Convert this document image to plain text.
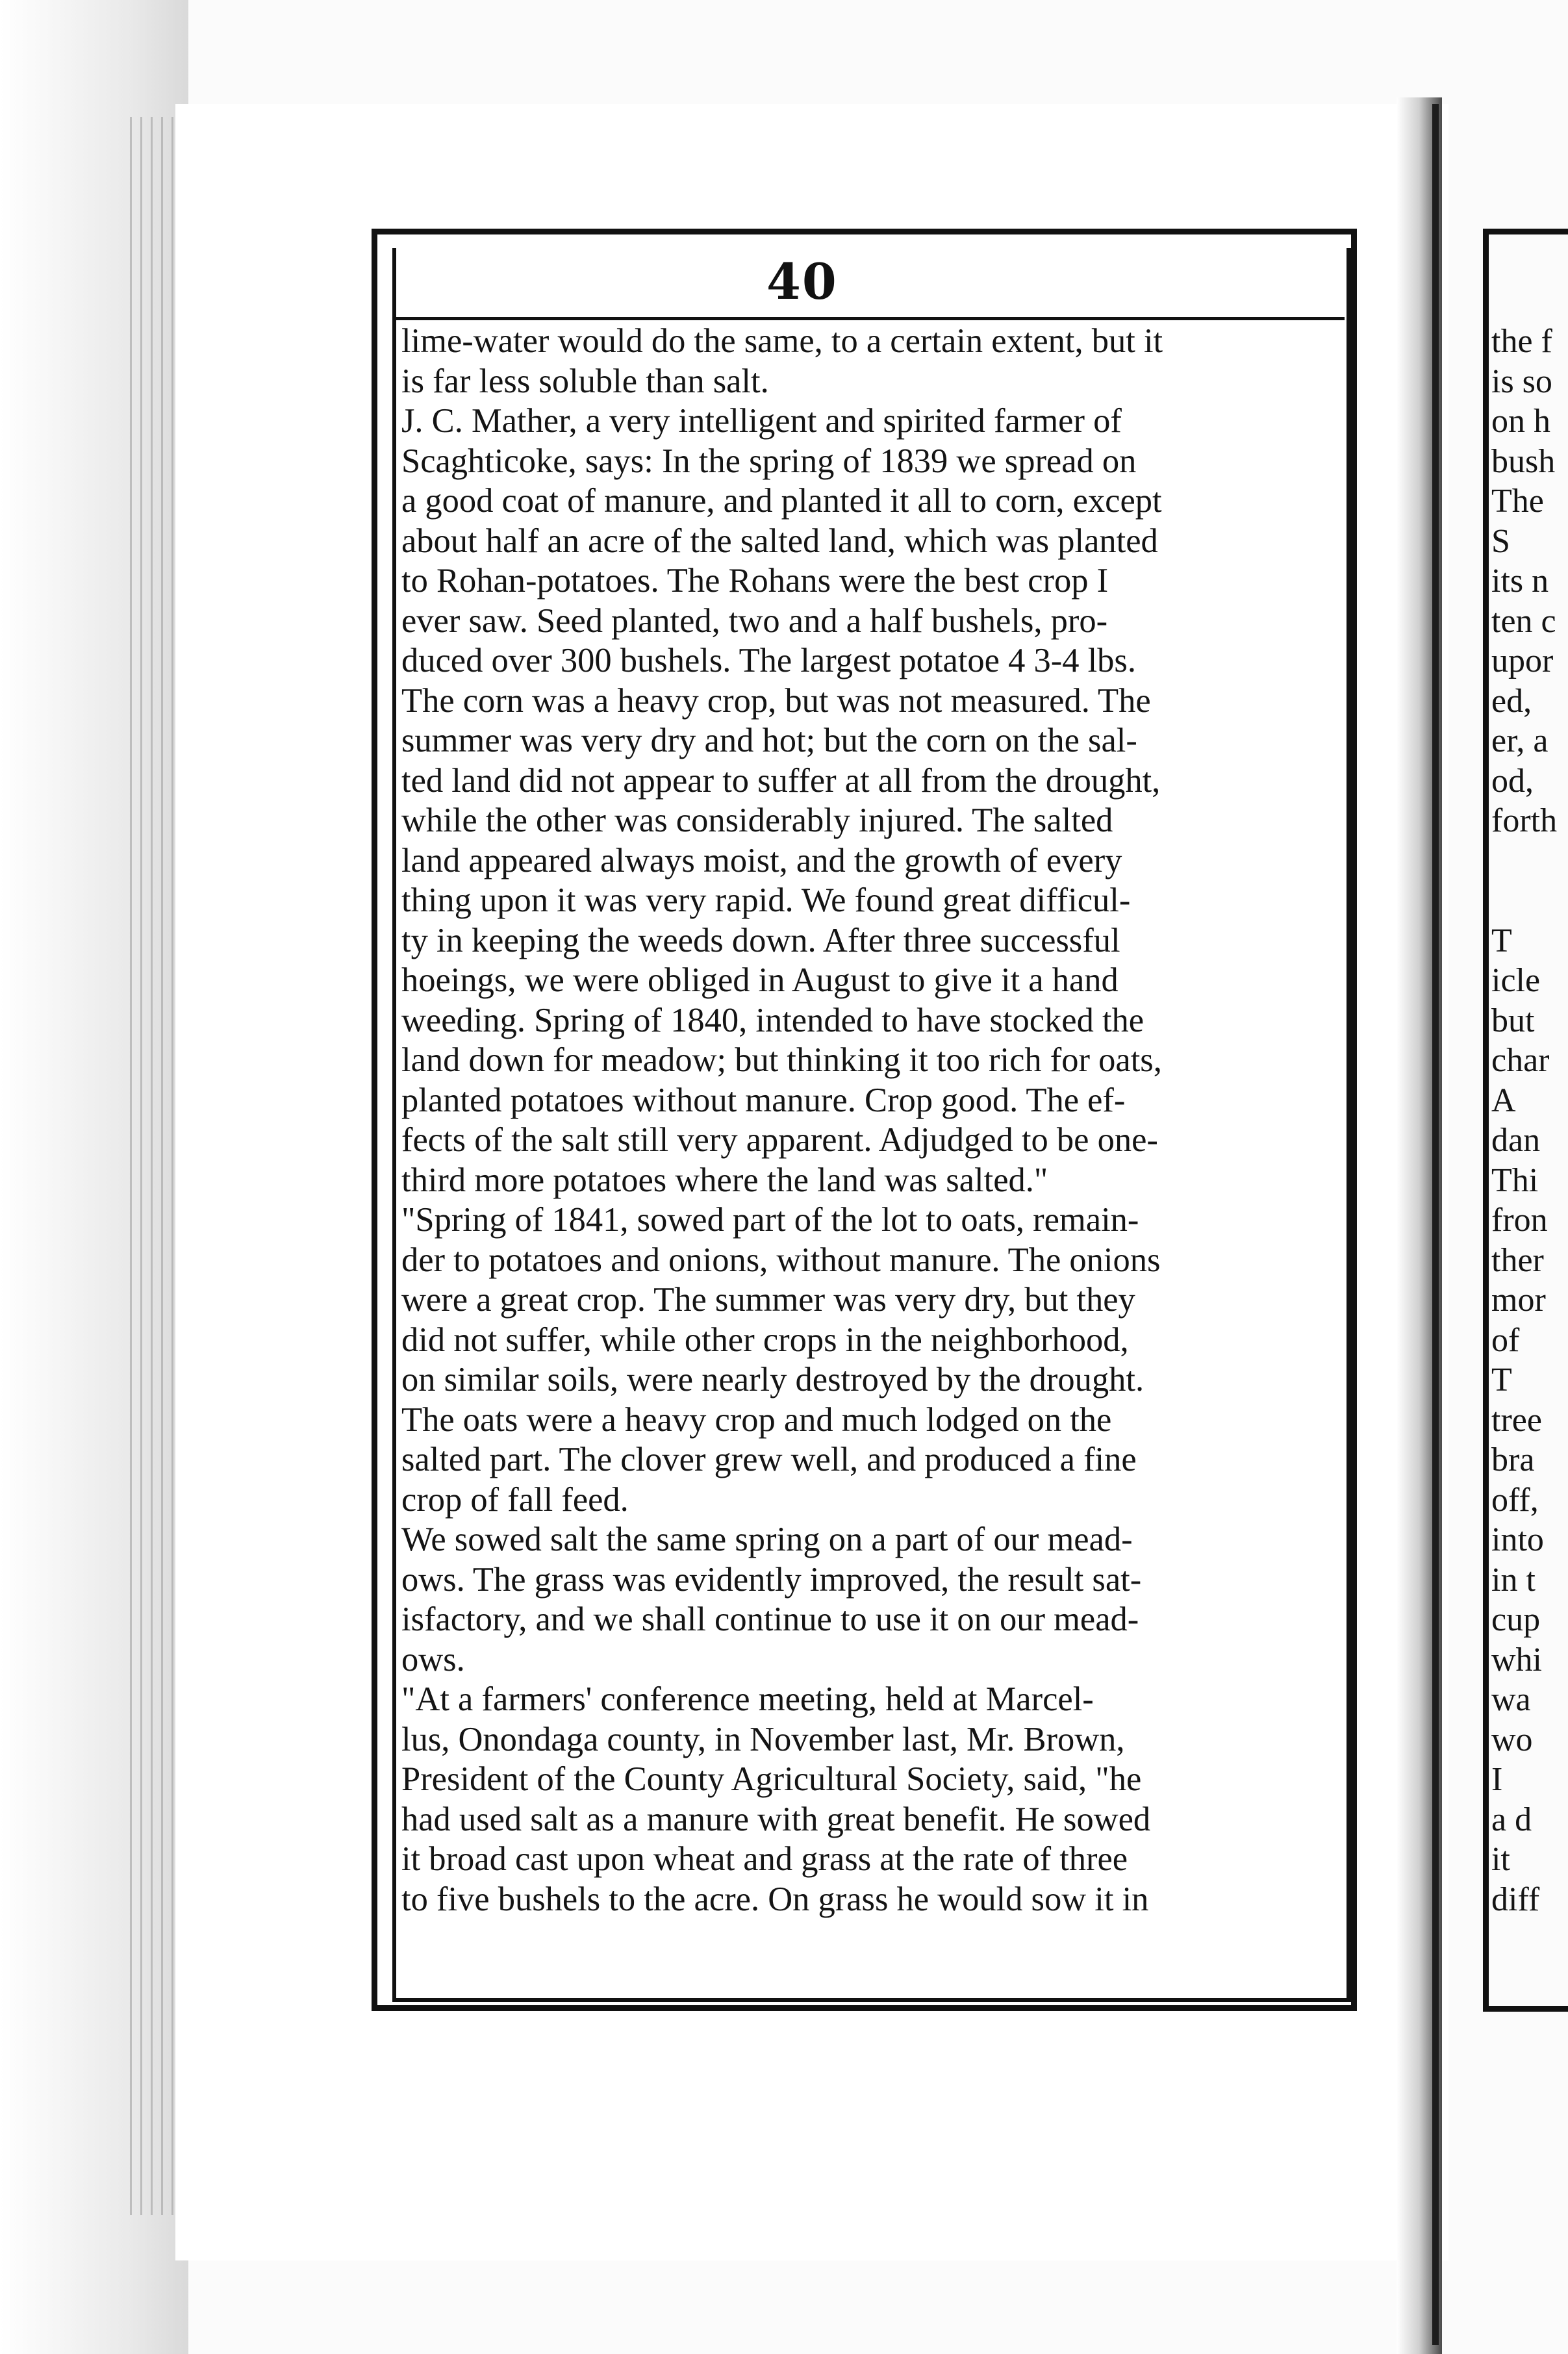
40
lime-water would do the same, to a certain extent, but it
is far less soluble than salt.
J. C. Mather, a very intelligent and spirited farmer of
Scaghticoke, says: In the spring of 1839 we spread on
a good coat of manure, and planted it all to corn, except
about half an acre of the salted land, which was planted
to Rohan-potatoes. The Rohans were the best crop I
ever saw. Seed planted, two and a half bushels, pro-
duced over 300 bushels. The largest potatoe 4 3-4 lbs.
The corn was a heavy crop, but was not measured. The
summer was very dry and hot; but the corn on the sal-
ted land did not appear to suffer at all from the drought,
while the other was considerably injured. The salted
land appeared always moist, and the growth of every
thing upon it was very rapid. We found great difficul-
ty in keeping the weeds down. After three successful
hoeings, we were obliged in August to give it a hand
weeding. Spring of 1840, intended to have stocked the
land down for meadow; but thinking it too rich for oats,
planted potatoes without manure. Crop good. The ef-
fects of the salt still very apparent. Adjudged to be one-
third more potatoes where the land was salted."
"Spring of 1841, sowed part of the lot to oats, remain-
der to potatoes and onions, without manure. The onions
were a great crop. The summer was very dry, but they
did not suffer, while other crops in the neighborhood,
on similar soils, were nearly destroyed by the drought.
The oats were a heavy crop and much lodged on the
salted part. The clover grew well, and produced a fine
crop of fall feed.
We sowed salt the same spring on a part of our mead-
ows. The grass was evidently improved, the result sat-
isfactory, and we shall continue to use it on our mead-
ows.
"At a farmers' conference meeting, held at Marcel-
lus, Onondaga county, in November last, Mr. Brown,
President of the County Agricultural Society, said, "he
had used salt as a manure with great benefit. He sowed
it broad cast upon wheat and grass at the rate of three
to five bushels to the acre. On grass he would sow it in
the f
is so
on h
bush
The
S
its n
ten c
upor
ed,
er, a
od,
forth
T
icle
but
char
A
dan
Thi
fron
ther
mor
of
T
tree
bra
off,
into
in t
cup
whi
wa
wo
I
a d
it
diff
